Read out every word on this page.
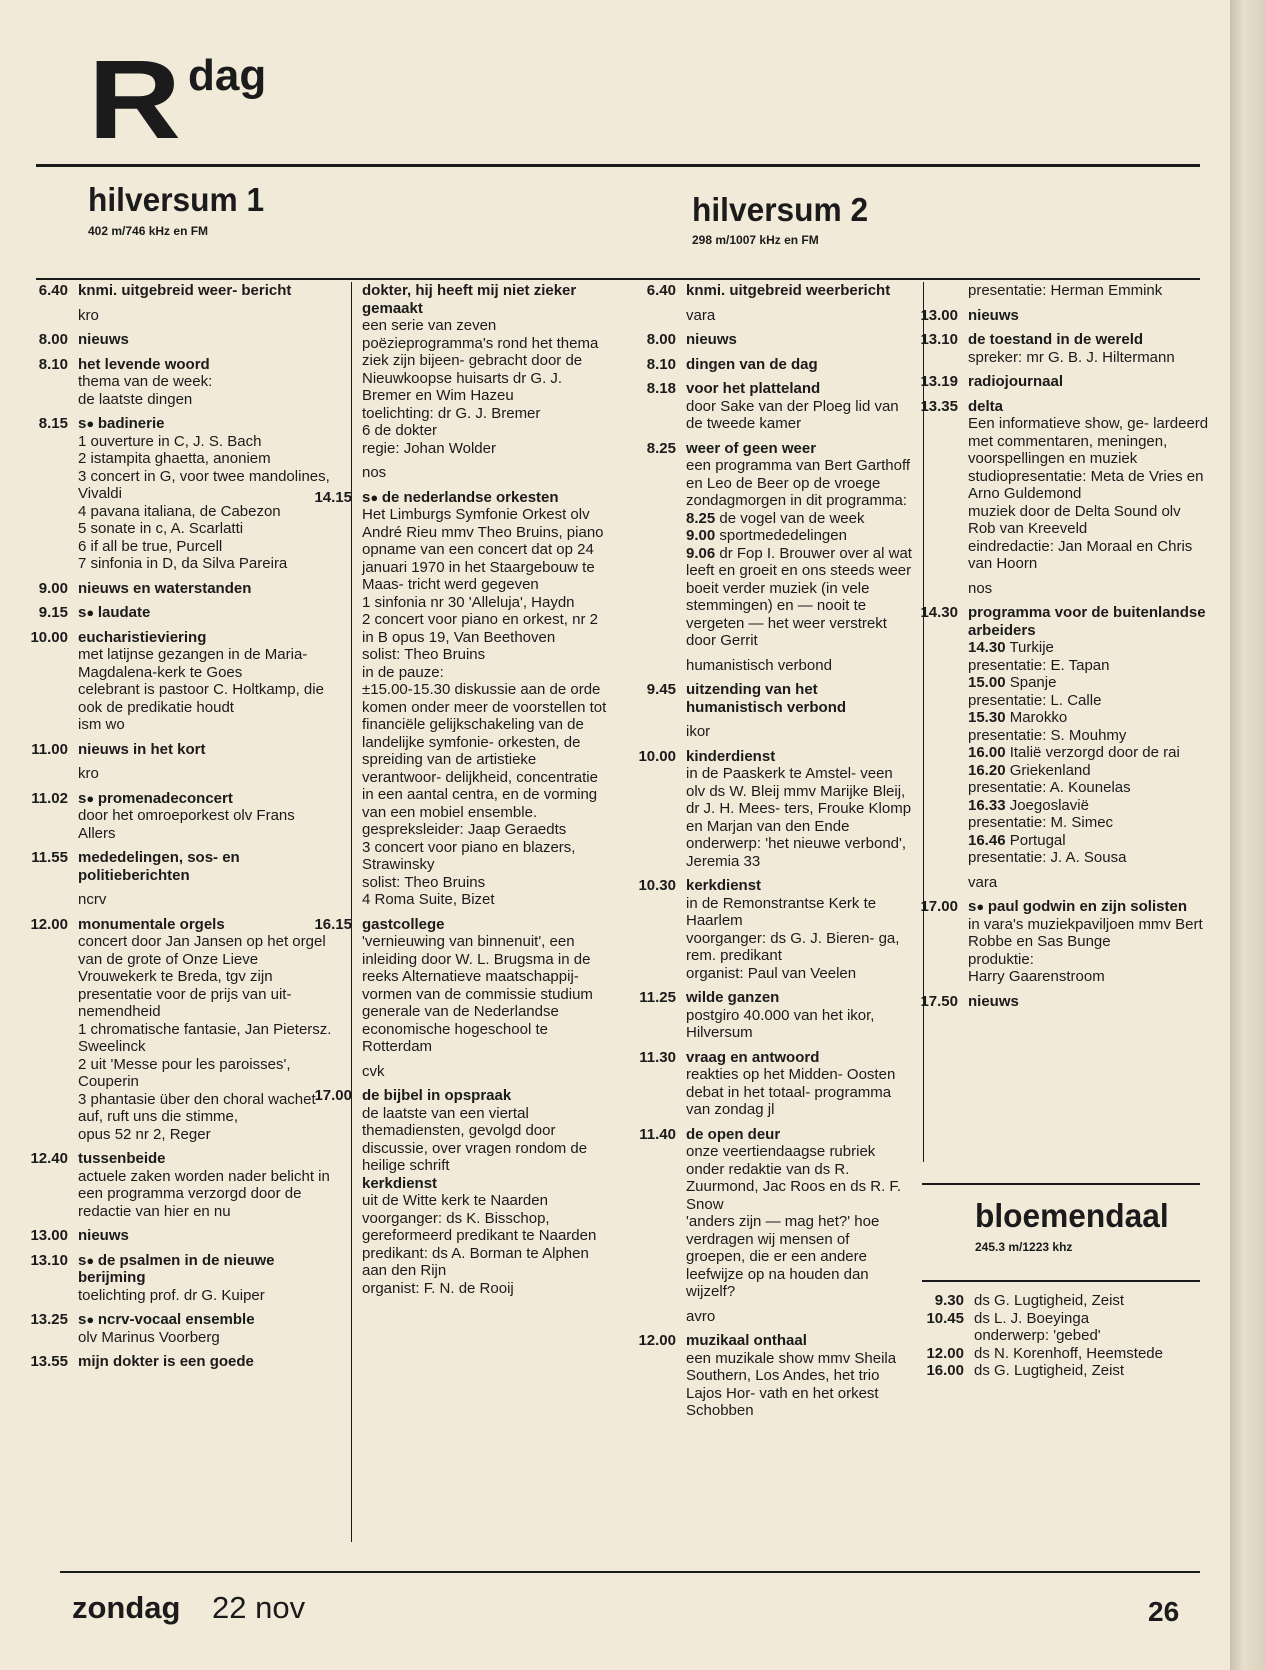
R dag
hilversum 1
402 m/746 kHz en FM
hilversum 2
298 m/1007 kHz en FM
6.40 knmi. uitgebreid weer- bericht
kro
8.00 nieuws
8.10 het levende woord
thema van de week:
de laatste dingen
8.15 s● badinerie
1 ouverture in C, J. S. Bach
2 istampita ghaetta, anoniem
3 concert in G, voor twee mandolines, Vivaldi
4 pavana italiana, de Cabezon
5 sonate in c, A. Scarlatti
6 if all be true, Purcell
7 sinfonia in D, da Silva Pareira
9.00 nieuws en waterstanden
9.15 s● laudate
10.00 eucharistieviering
met latijnse gezangen in de Maria-Magdalena-kerk te Goes
celebrant is pastoor C. Holtkamp, die ook de predikatie houdt
ism wo
11.00 nieuws in het kort
kro
11.02 s● promenadeconcert
door het omroeporkest olv Frans Allers
11.55 mededelingen, sos- en politieberichten
ncrv
12.00 monumentale orgels
concert door Jan Jansen op het orgel van de grote of Onze Lieve Vrouwekerk te Breda, tgv zijn presentatie voor de prijs van uit- nemendheid
1 chromatische fantasie, Jan Pietersz. Sweelinck
2 uit 'Messe pour les paroisses', Couperin
3 phantasie über den choral wachet auf, ruft uns die stimme,
opus 52 nr 2, Reger
12.40 tussenbeide
actuele zaken worden nader belicht in een programma verzorgd door de redactie van hier en nu
13.00 nieuws
13.10 s● de psalmen in de nieuwe berijming
toelichting prof. dr G. Kuiper
13.25 s● ncrv-vocaal ensemble
olv Marinus Voorberg
13.55 mijn dokter is een goede
dokter, hij heeft mij niet zieker gemaakt
een serie van zeven poëzieprogramma's rond het thema ziek zijn bijeen- gebracht door de Nieuwkoopse huisarts dr G. J. Bremer en Wim Hazeu
toelichting: dr G. J. Bremer
6 de dokter
regie: Johan Wolder
nos
14.15 s● de nederlandse orkesten
Het Limburgs Symfonie Orkest olv André Rieu mmv Theo Bruins, piano
opname van een concert dat op 24 januari 1970 in het Staargebouw te Maas- tricht werd gegeven
1 sinfonia nr 30 'Alleluja', Haydn
2 concert voor piano en orkest, nr 2 in B opus 19, Van Beethoven
solist: Theo Bruins
in de pauze:
±15.00-15.30 diskussie aan de orde komen onder meer de voorstellen tot financiële gelijkschakeling van de landelijke symfonie- orkesten, de spreiding van de artistieke verantwoor- delijkheid, concentratie in een aantal centra, en de vorming van een mobiel ensemble.
gespreksleider: Jaap Geraedts
3 concert voor piano en blazers, Strawinsky
solist: Theo Bruins
4 Roma Suite, Bizet
16.15 gastcollege
'vernieuwing van binnenuit', een inleiding door W. L. Brugsma in de reeks Alternatieve maatschappij- vormen van de commissie studium generale van de Nederlandse economische hogeschool te Rotterdam
cvk
17.00 de bijbel in opspraak
de laatste van een viertal themadiensten, gevolgd door discussie, over vragen rondom de heilige schrift
kerkdienst
uit de Witte kerk te Naarden
voorganger: ds K. Bisschop, gereformeerd predikant te Naarden
predikant: ds A. Borman te Alphen aan den Rijn
organist: F. N. de Rooij
6.40 knmi. uitgebreid weerbericht
vara
8.00 nieuws
8.10 dingen van de dag
8.18 voor het platteland
door Sake van der Ploeg lid van de tweede kamer
8.25 weer of geen weer
een programma van Bert Garthoff en Leo de Beer op de vroege zondagmorgen in dit programma:
8.25 de vogel van de week
9.00 sportmededelingen
9.06 dr Fop I. Brouwer over al wat leeft en groeit en ons steeds weer boeit verder muziek (in vele stemmingen) en — nooit te vergeten — het weer verstrekt door Gerrit
humanistisch verbond
9.45 uitzending van het humanistisch verbond
ikor
10.00 kinderdienst
in de Paaskerk te Amstel- veen olv ds W. Bleij mmv Marijke Bleij, dr J. H. Mees- ters, Frouke Klomp en Marjan van den Ende
onderwerp: 'het nieuwe verbond', Jeremia 33
10.30 kerkdienst
in de Remonstrantse Kerk te Haarlem
voorganger: ds G. J. Bieren- ga, rem. predikant
organist: Paul van Veelen
11.25 wilde ganzen
postgiro 40.000 van het ikor, Hilversum
11.30 vraag en antwoord
reakties op het Midden- Oosten debat in het totaal- programma van zondag jl
11.40 de open deur
onze veertiendaagse rubriek onder redaktie van ds R. Zuurmond, Jac Roos en ds R. F. Snow
'anders zijn — mag het?' hoe verdragen wij mensen of groepen, die er een andere leefwijze op na houden dan wijzelf?
avro
12.00 muzikaal onthaal
een muzikale show mmv Sheila Southern, Los Andes, het trio Lajos Hor- vath en het orkest Schobben
presentatie: Herman Emmink
13.00 nieuws
13.10 de toestand in de wereld
spreker: mr G. B. J. Hiltermann
13.19 radiojournaal
13.35 delta
Een informatieve show, ge- lardeerd met commentaren, meningen, voorspellingen en muziek
studiopresentatie: Meta de Vries en Arno Guldemond
muziek door de Delta Sound olv Rob van Kreeveld
eindredactie: Jan Moraal en Chris van Hoorn
nos
14.30 programma voor de buitenlandse arbeiders
14.30 Turkije
presentatie: E. Tapan
15.00 Spanje
presentatie: L. Calle
15.30 Marokko
presentatie: S. Mouhmy
16.00 Italië verzorgd door de rai
16.20 Griekenland
presentatie: A. Kounelas
16.33 Joegoslavië
presentatie: M. Simec
16.46 Portugal
presentatie: J. A. Sousa
vara
17.00 s● paul godwin en zijn solisten
in vara's muziekpaviljoen mmv Bert Robbe en Sas Bunge
produktie:
Harry Gaarenstroom
17.50 nieuws
bloemendaal
245.3 m/1223 khz
9.30 ds G. Lugtigheid, Zeist
10.45 ds L. J. Boeyinga
onderwerp: 'gebed'
12.00 ds N. Korenhoff, Heemstede
16.00 ds G. Lugtigheid, Zeist
zondag 22 nov	26
